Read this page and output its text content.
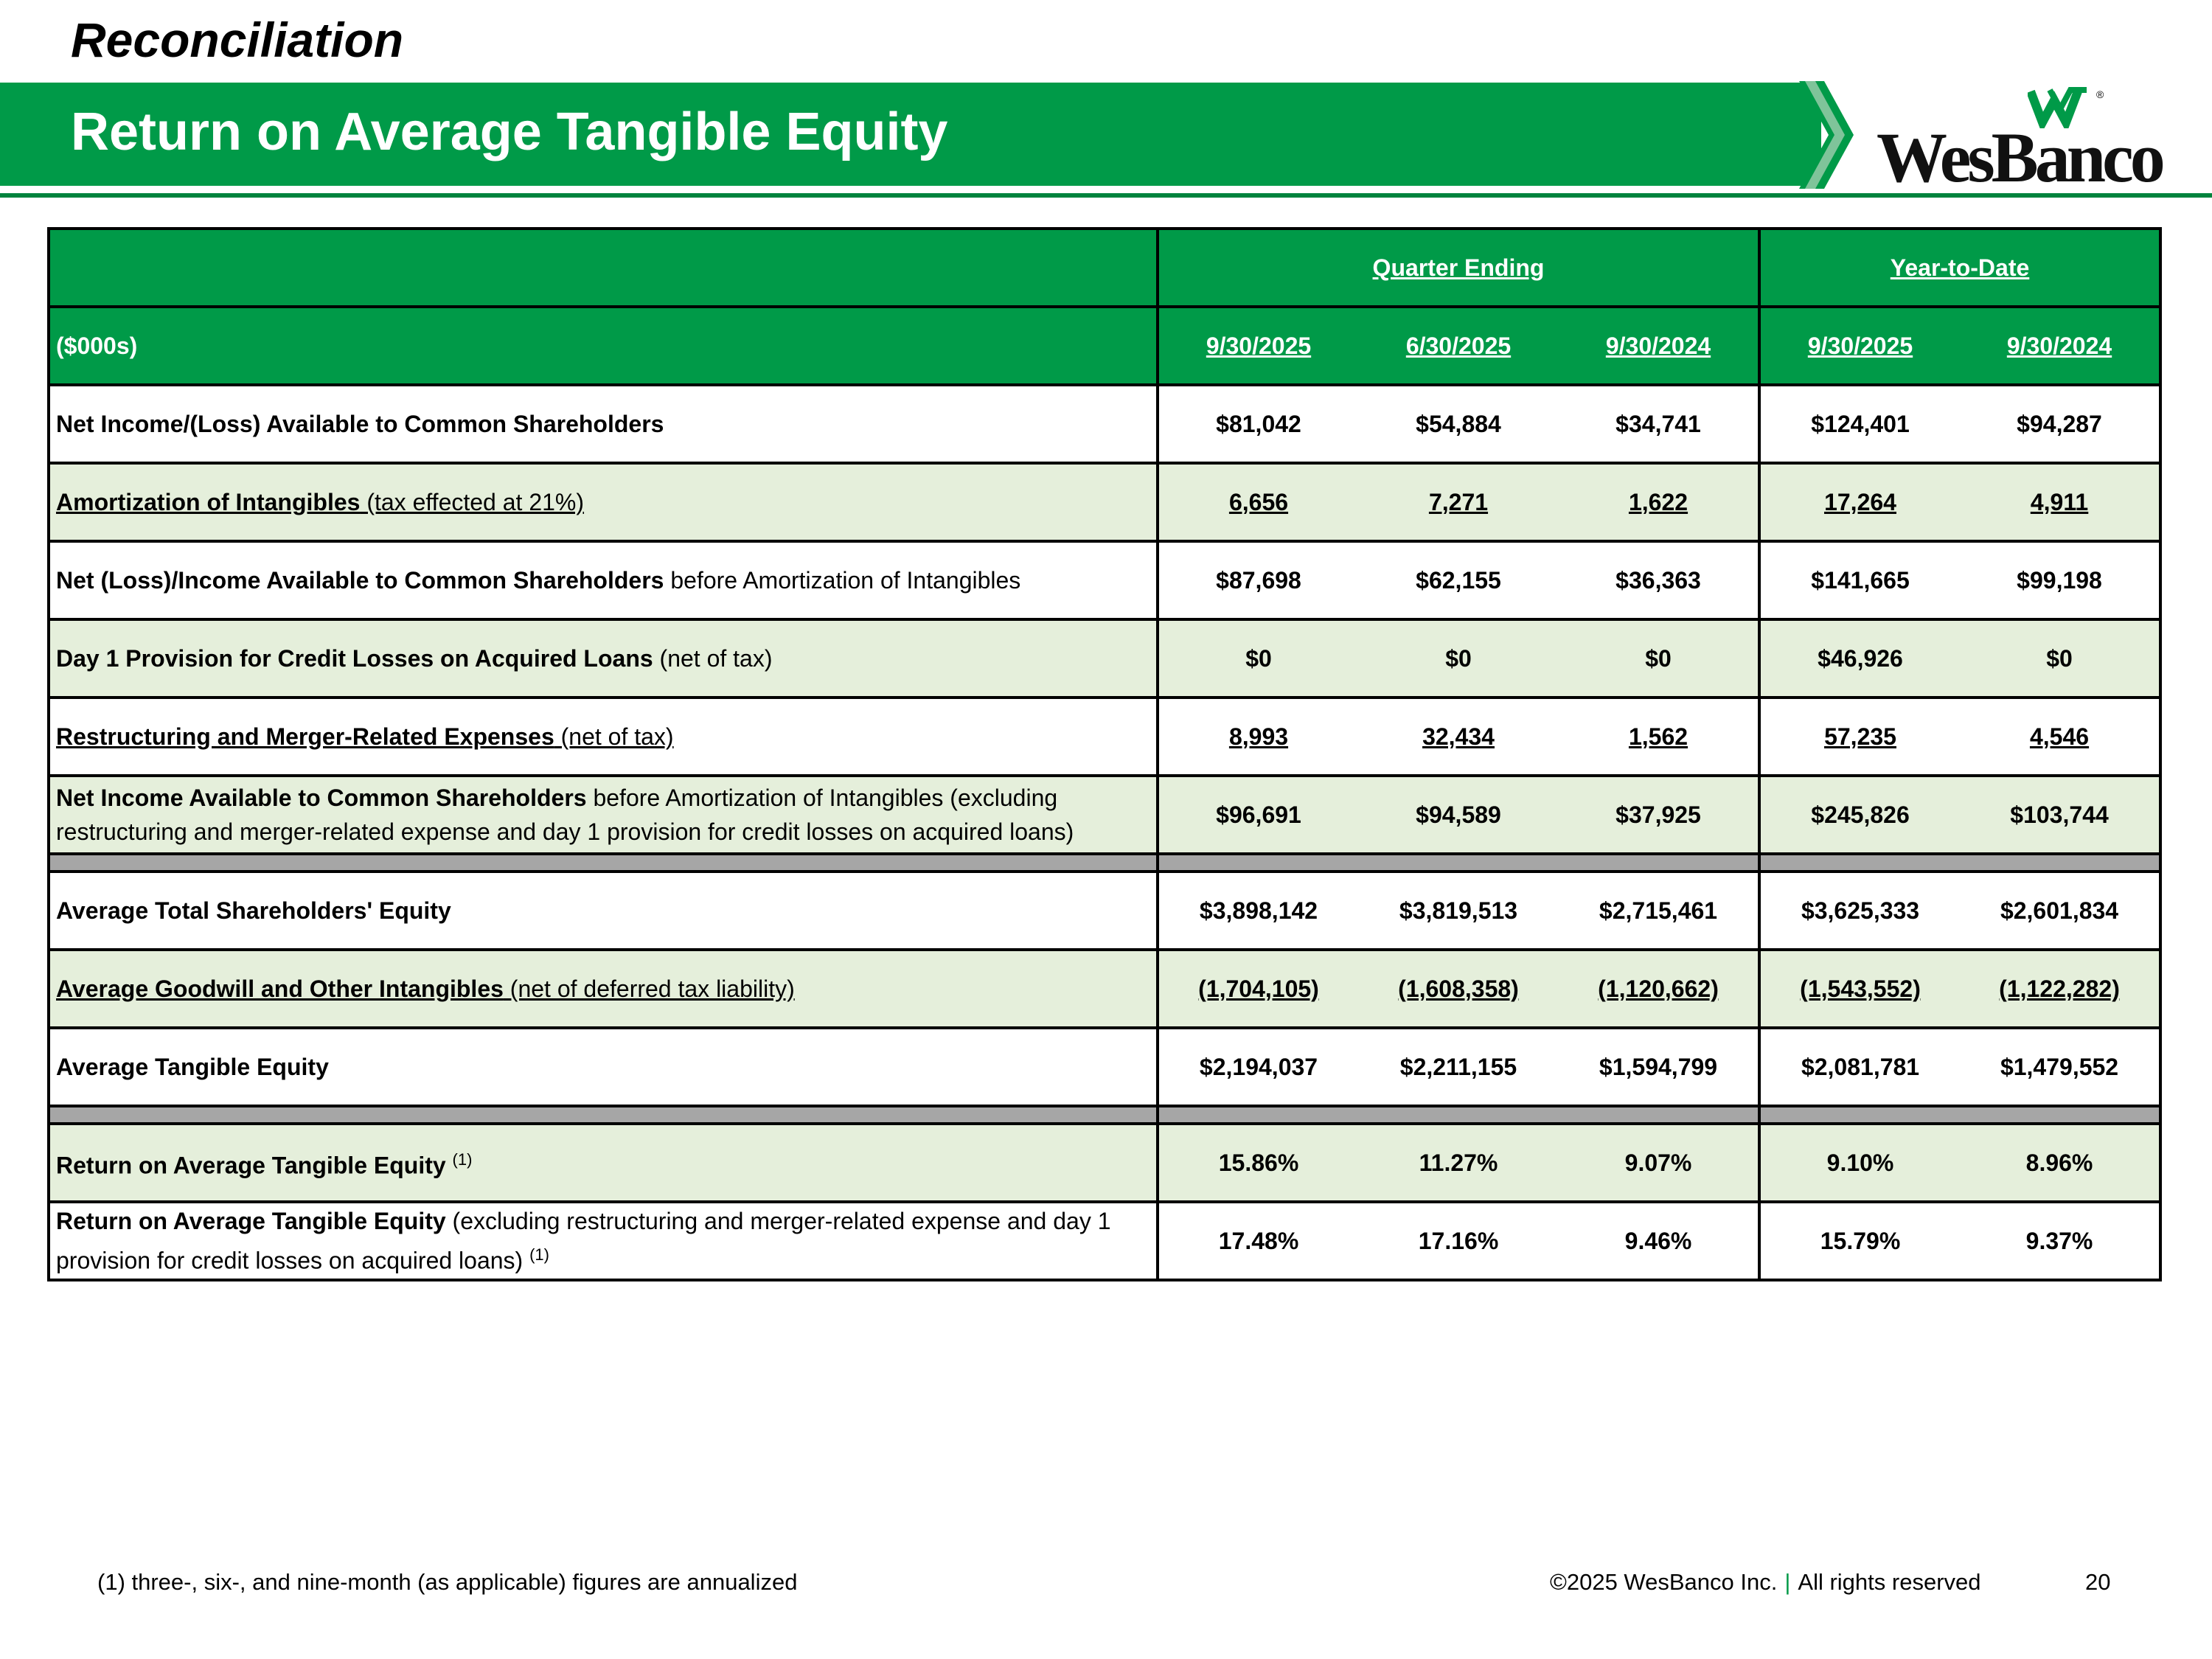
Reconciliation
Return on Average Tangible Equity
®
WesBanco
	Quarter Ending			Year-to-Date	
($000s)	9/30/2025	6/30/2025	9/30/2024	9/30/2025	9/30/2024
Net Income/(Loss) Available to Common Shareholders	$81,042	$54,884	$34,741	$124,401	$94,287
Amortization of Intangibles (tax effected at 21%)	6,656	7,271	1,622	17,264	4,911
Net (Loss)/Income Available to Common Shareholders before Amortization of Intangibles	$87,698	$62,155	$36,363	$141,665	$99,198
Day 1 Provision for Credit Losses on Acquired Loans (net of tax)	$0	$0	$0	$46,926	$0
Restructuring and Merger-Related Expenses (net of tax)	8,993	32,434	1,562	57,235	4,546
Net Income Available to Common Shareholders before Amortization of Intangibles (excluding restructuring and merger-related expense and day 1 provision for credit losses on acquired loans)	$96,691	$94,589	$37,925	$245,826	$103,744

Average Total Shareholders' Equity	$3,898,142	$3,819,513	$2,715,461	$3,625,333	$2,601,834
Average Goodwill and Other Intangibles (net of deferred tax liability)	(1,704,105)	(1,608,358)	(1,120,662)	(1,543,552)	(1,122,282)
Average Tangible Equity	$2,194,037	$2,211,155	$1,594,799	$2,081,781	$1,479,552

Return on Average Tangible Equity $^{(1)}$	15.86%	11.27%	9.07%	9.10%	8.96%
Return on Average Tangible Equity (excluding restructuring and merger-related expense and day 1 provision for credit losses on acquired loans) $^{(1)}$	17.48%	17.16%	9.46%	15.79%	9.37%

(1) three-, six-, and nine-month (as applicable) figures are annualized	©2025 WesBanco Inc. | All rights reserved	20
